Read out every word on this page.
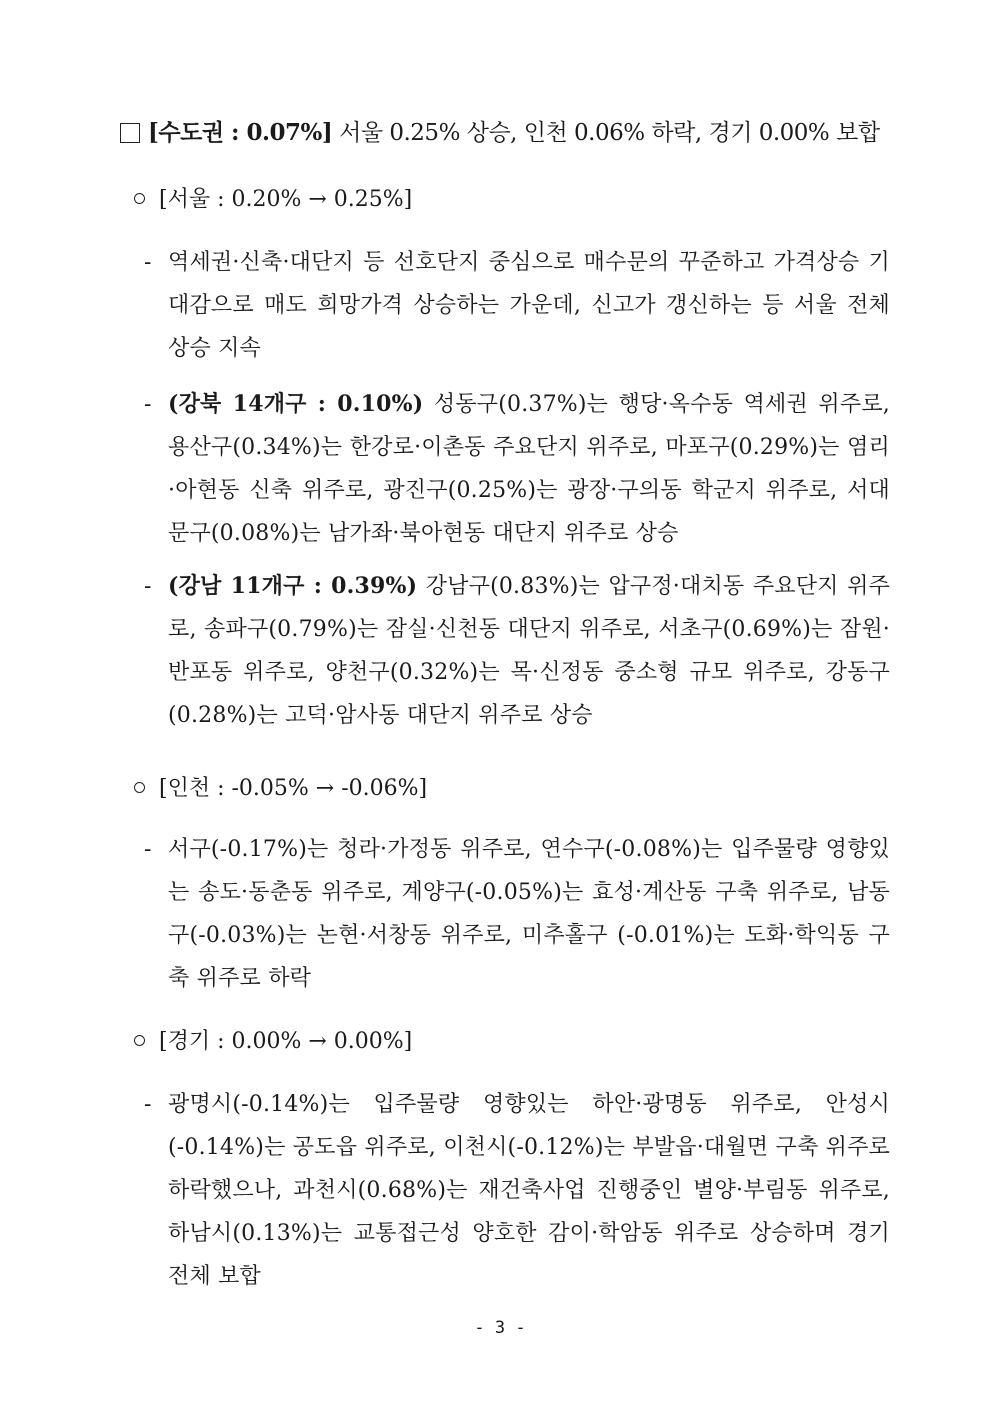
[수도권 : 0.07%] 서울 0.25% 상승, 인천 0.06% 하락, 경기 0.00% 보합
[서울 : 0.20% → 0.25%]
- 역세권·신축·대단지 등 선호단지 중심으로 매수문의 꾸준하고 가격상승 기대감으로 매도 희망가격 상승하는 가운데, 신고가 갱신하는 등 서울 전체 상승 지속
- (강북 14개구 : 0.10%) 성동구(0.37%)는 행당·옥수동 역세권 위주로, 용산구(0.34%)는 한강로·이촌동 주요단지 위주로, 마포구(0.29%)는 염리·아현동 신축 위주로, 광진구(0.25%)는 광장·구의동 학군지 위주로, 서대문구(0.08%)는 남가좌·북아현동 대단지 위주로 상승
- (강남 11개구 : 0.39%) 강남구(0.83%)는 압구정·대치동 주요단지 위주로, 송파구(0.79%)는 잠실·신천동 대단지 위주로, 서초구(0.69%)는 잠원·반포동 위주로, 양천구(0.32%)는 목·신정동 중소형 규모 위주로, 강동구(0.28%)는 고덕·암사동 대단지 위주로 상승
[인천 : -0.05% → -0.06%]
- 서구(-0.17%)는 청라·가정동 위주로, 연수구(-0.08%)는 입주물량 영향있는 송도·동춘동 위주로, 계양구(-0.05%)는 효성·계산동 구축 위주로, 남동구(-0.03%)는 논현·서창동 위주로, 미추홀구 (-0.01%)는 도화·학익동 구축 위주로 하락
[경기 : 0.00% → 0.00%]
- 광명시(-0.14%)는 입주물량 영향있는 하안·광명동 위주로, 안성시 (-0.14%)는 공도읍 위주로, 이천시(-0.12%)는 부발읍·대월면 구축 위주로 하락했으나, 과천시(0.68%)는 재건축사업 진행중인 별양·부림동 위주로, 하남시(0.13%)는 교통접근성 양호한 감이·학암동 위주로 상승하며 경기 전체 보합
- 3 -
